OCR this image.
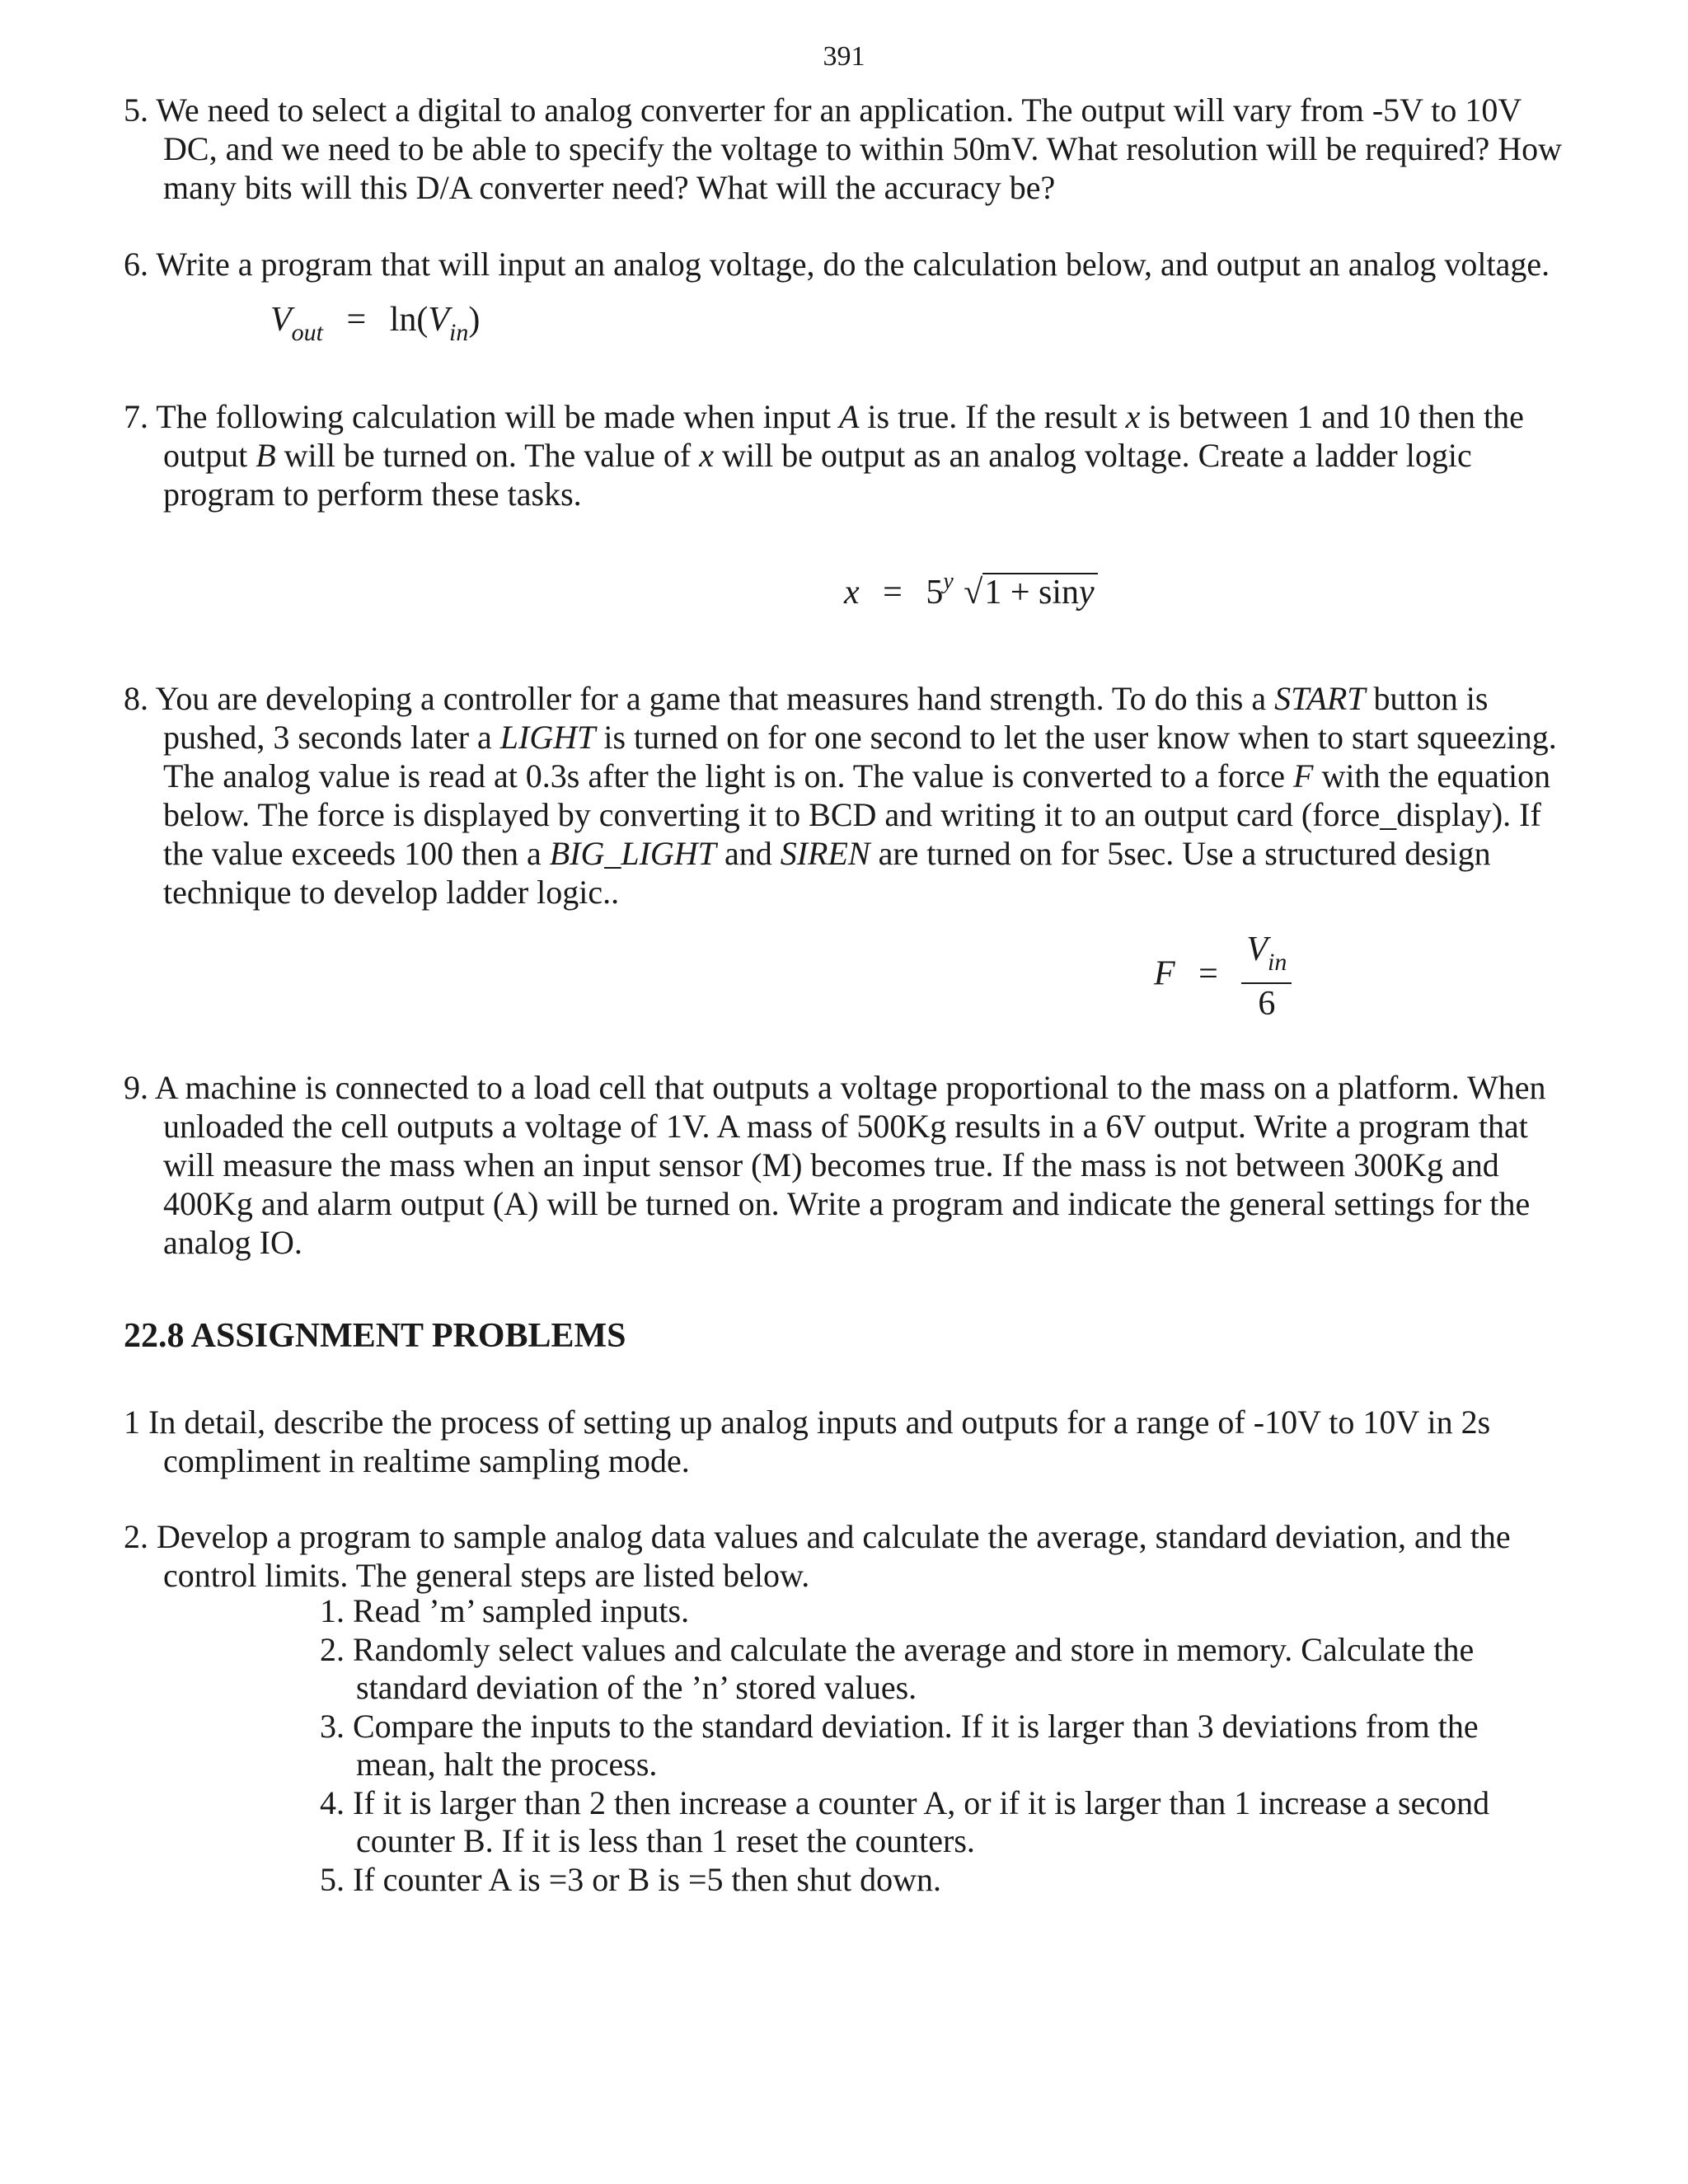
391
5. We need to select a digital to analog converter for an application. The output will vary from -5V to 10V DC, and we need to be able to specify the voltage to within 50mV. What resolution will be required? How many bits will this D/A converter need? What will the accuracy be?
6. Write a program that will input an analog voltage, do the calculation below, and output an analog voltage.
$V_{out} = \ln(V_{in})$
7. The following calculation will be made when input A is true. If the result x is between 1 and 10 then the output B will be turned on. The value of x will be output as an analog voltage. Create a ladder logic program to perform these tasks.
$x = 5^y$ √1 + siny
8. You are developing a controller for a game that measures hand strength. To do this a START button is pushed, 3 seconds later a LIGHT is turned on for one second to let the user know when to start squeezing. The analog value is read at 0.3s after the light is on. The value is converted to a force F with the equation below. The force is displayed by converting it to BCD and writing it to an output card (force_display). If the value exceeds 100 then a BIG_LIGHT and SIREN are turned on for 5sec. Use a structured design technique to develop ladder logic..
$F = \frac{V_{in}}{6}$
9. A machine is connected to a load cell that outputs a voltage proportional to the mass on a platform. When unloaded the cell outputs a voltage of 1V. A mass of 500Kg results in a 6V output. Write a program that will measure the mass when an input sensor (M) becomes true. If the mass is not between 300Kg and 400Kg and alarm output (A) will be turned on. Write a program and indicate the general settings for the analog IO.
22.8 ASSIGNMENT PROBLEMS
1 In detail, describe the process of setting up analog inputs and outputs for a range of -10V to 10V in 2s compliment in realtime sampling mode.
2. Develop a program to sample analog data values and calculate the average, standard deviation, and the control limits. The general steps are listed below.
1. Read ’m’ sampled inputs.
2. Randomly select values and calculate the average and store in memory. Calculate the standard deviation of the ’n’ stored values.
3. Compare the inputs to the standard deviation. If it is larger than 3 deviations from the mean, halt the process.
4. If it is larger than 2 then increase a counter A, or if it is larger than 1 increase a second counter B. If it is less than 1 reset the counters.
5. If counter A is =3 or B is =5 then shut down.
